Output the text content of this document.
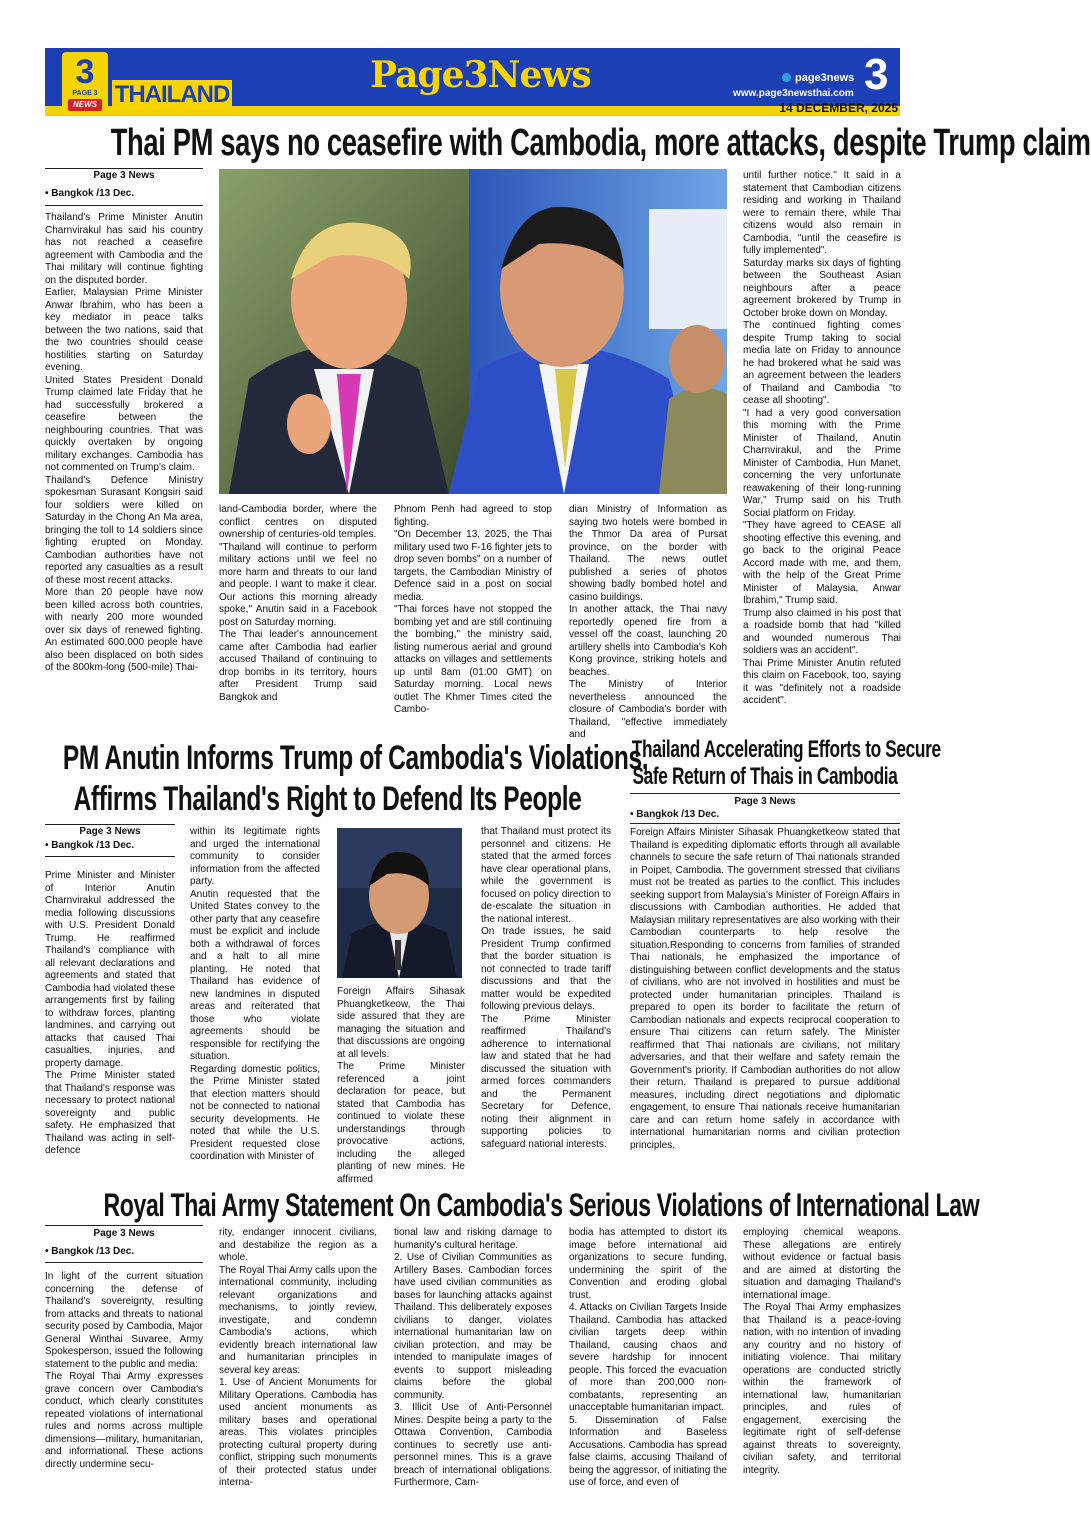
3
PAGE 3
NEWS THAILAND	Page3News	page3news
www.page3newsthai.com 3
14 DECEMBER, 2025
Thai PM says no ceasefire with Cambodia, more attacks, despite Trump claim
Page 3 News
• Bangkok /13 Dec.

Thailand's Prime Minister Anutin Charnvirakul has said his country has not reached a ceasefire agreement with Cambodia and the Thai military will continue fighting on the disputed border.

Earlier, Malaysian Prime Minister Anwar Ibrahim, who has been a key mediator in peace talks between the two nations, said that the two countries should cease hostilities starting on Saturday evening.

United States President Donald Trump claimed late Friday that he had successfully brokered a ceasefire between the neighbouring countries. That was quickly overtaken by ongoing military exchanges. Cambodia has not commented on Trump's claim.

Thailand's Defence Ministry spokesman Surasant Kongsiri said four soldiers were killed on Saturday in the Chong An Ma area, bringing the toll to 14 soldiers since fighting erupted on Monday. Cambodian authorities have not reported any casualties as a result of these most recent attacks.

More than 20 people have now been killed across both countries, with nearly 200 more wounded over six days of renewed fighting. An estimated 600,000 people have also been displaced on both sides of the 800km-long (500-mile) Thai-

land-Cambodia border, where the conflict centres on disputed ownership of centuries-old temples.

"Thailand will continue to perform military actions until we feel no more harm and threats to our land and people. I want to make it clear. Our actions this morning already spoke," Anutin said in a Facebook post on Saturday morning.

The Thai leader's announcement came after Cambodia had earlier accused Thailand of continuing to drop bombs in its territory, hours after President Trump said Bangkok and

Phnom Penh had agreed to stop fighting.

"On December 13, 2025, the Thai military used two F-16 fighter jets to drop seven bombs" on a number of targets, the Cambodian Ministry of Defence said in a post on social media.

"Thai forces have not stopped the bombing yet and are still continuing the bombing," the ministry said, listing numerous aerial and ground attacks on villages and settlements up until 8am (01:00 GMT) on Saturday morning. Local news outlet The Khmer Times cited the Cambo-

dian Ministry of Information as saying two hotels were bombed in the Thmor Da area of Pursat province, on the border with Thailand. The news outlet published a series of photos showing badly bombed hotel and casino buildings.

In another attack, the Thai navy reportedly opened fire from a vessel off the coast, launching 20 artillery shells into Cambodia's Koh Kong province, striking hotels and beaches.

The Ministry of Interior nevertheless announced the closure of Cambodia's border with Thailand, "effective immediately and

until further notice." It said in a statement that Cambodian citizens residing and working in Thailand were to remain there, while Thai citizens would also remain in Cambodia, "until the ceasefire is fully implemented".

Saturday marks six days of fighting between the Southeast Asian neighbours after a peace agreement brokered by Trump in October broke down on Monday.

The continued fighting comes despite Trump taking to social media late on Friday to announce he had brokered what he said was an agreement between the leaders of Thailand and Cambodia "to cease all shooting".

"I had a very good conversation this morning with the Prime Minister of Thailand, Anutin Charnvirakul, and the Prime Minister of Cambodia, Hun Manet, concerning the very unfortunate reawakening of their long-running War," Trump said on his Truth Social platform on Friday.

"They have agreed to CEASE all shooting effective this evening, and go back to the original Peace Accord made with me, and them, with the help of the Great Prime Minister of Malaysia, Anwar Ibrahim," Trump said.

Trump also claimed in his post that a roadside bomb that had "killed and wounded numerous Thai soldiers was an accident".

Thai Prime Minister Anutin refuted this claim on Facebook, too, saying it was "definitely not a roadside accident".

PM Anutin Informs Trump of Cambodia's Violations,
Affirms Thailand's Right to Defend Its People
Page 3 News
• Bangkok /13 Dec.

Prime Minister and Minister of Interior Anutin Charnvirakul addressed the media following discussions with U.S. President Donald Trump. He reaffirmed Thailand's compliance with all relevant declarations and agreements and stated that Cambodia had violated these arrangements first by failing to withdraw forces, planting landmines, and carrying out attacks that caused Thai casualties, injuries, and property damage.

The Prime Minister stated that Thailand's response was necessary to protect national sovereignty and public safety. He emphasized that Thailand was acting in self-defence

within its legitimate rights and urged the international community to consider information from the affected party.

Anutin requested that the United States convey to the other party that any ceasefire must be explicit and include both a withdrawal of forces and a halt to all mine planting. He noted that Thailand has evidence of new landmines in disputed areas and reiterated that those who violate agreements should be responsible for rectifying the situation.

Regarding domestic politics, the Prime Minister stated that election matters should not be connected to national security developments. He noted that while the U.S. President requested close coordination with Minister of

Foreign Affairs Sihasak Phuangketkeow, the Thai side assured that they are managing the situation and that discussions are ongoing at all levels.

The Prime Minister referenced a joint declaration for peace, but stated that Cambodia has continued to violate these understandings through provocative actions, including the alleged planting of new mines. He affirmed

that Thailand must protect its personnel and citizens. He stated that the armed forces have clear operational plans, while the government is focused on policy direction to de-escalate the situation in the national interest.

On trade issues, he said President Trump confirmed that the border situation is not connected to trade tariff discussions and that the matter would be expedited following previous delays.

The Prime Minister reaffirmed Thailand's adherence to international law and stated that he had discussed the situation with armed forces commanders and the Permanent Secretary for Defence, noting their alignment in supporting policies to safeguard national interests.

Thailand Accelerating Efforts to Secure
Safe Return of Thais in Cambodia
Page 3 News
• Bangkok /13 Dec.
Foreign Affairs Minister Sihasak Phuangketkeow stated that Thailand is expediting diplomatic efforts through all available channels to secure the safe return of Thai nationals stranded in Poipet, Cambodia. The government stressed that civilians must not be treated as parties to the conflict. This includes seeking support from Malaysia's Minister of Foreign Affairs in discussions with Cambodian authorities. He added that Malaysian military representatives are also working with their Cambodian counterparts to help resolve the situation.Responding to concerns from families of stranded Thai nationals, he emphasized the importance of distinguishing between conflict developments and the status of civilians, who are not involved in hostilities and must be protected under humanitarian principles. Thailand is prepared to open its border to facilitate the return of Cambodian nationals and expects reciprocal cooperation to ensure Thai citizens can return safely. The Minister reaffirmed that Thai nationals are civilians, not military adversaries, and that their welfare and safety remain the Government's priority. If Cambodian authorities do not allow their return, Thailand is prepared to pursue additional measures, including direct negotiations and diplomatic engagement, to ensure Thai nationals receive humanitarian care and can return home safely in accordance with international humanitarian norms and civilian protection principles.
Royal Thai Army Statement On Cambodia's Serious Violations of International Law
Page 3 News
• Bangkok /13 Dec.

In light of the current situation concerning the defense of Thailand's sovereignty, resulting from attacks and threats to national security posed by Cambodia, Major General Winthai Suvaree, Army Spokesperson, issued the following statement to the public and media:

The Royal Thai Army expresses grave concern over Cambodia's conduct, which clearly constitutes repeated violations of international rules and norms across multiple dimensions—military, humanitarian, and informational. These actions directly undermine secu-

rity, endanger innocent civilians, and destabilize the region as a whole.

The Royal Thai Army calls upon the international community, including relevant organizations and mechanisms, to jointly review, investigate, and condemn Cambodia's actions, which evidently breach international law and humanitarian principles in several key areas:

1. Use of Ancient Monuments for Military Operations. Cambodia has used ancient monuments as military bases and operational areas. This violates principles protecting cultural property during conflict, stripping such monuments of their protected status under interna-

tional law and risking damage to humanity's cultural heritage.

2. Use of Civilian Communities as Artillery Bases. Cambodian forces have used civilian communities as bases for launching attacks against Thailand. This deliberately exposes civilians to danger, violates international humanitarian law on civilian protection, and may be intended to manipulate images of events to support misleading claims before the global community.

3. Illicit Use of Anti-Personnel Mines. Despite being a party to the Ottawa Convention, Cambodia continues to secretly use anti-personnel mines. This is a grave breach of international obligations. Furthermore, Cam-

bodia has attempted to distort its image before international aid organizations to secure funding, undermining the spirit of the Convention and eroding global trust.

4. Attacks on Civilian Targets Inside Thailand. Cambodia has attacked civilian targets deep within Thailand, causing chaos and severe hardship for innocent people. This forced the evacuation of more than 200,000 non-combatants, representing an unacceptable humanitarian impact.

5. Dissemination of False Information and Baseless Accusations. Cambodia has spread false claims, accusing Thailand of being the aggressor, of initiating the use of force, and even of

employing chemical weapons. These allegations are entirely without evidence or factual basis and are aimed at distorting the situation and damaging Thailand's international image.

The Royal Thai Army emphasizes that Thailand is a peace-loving nation, with no intention of invading any country and no history of initiating violence. Thai military operations are conducted strictly within the framework of international law, humanitarian principles, and rules of engagement, exercising the legitimate right of self-defense against threats to sovereignty, civilian safety, and territorial integrity.
